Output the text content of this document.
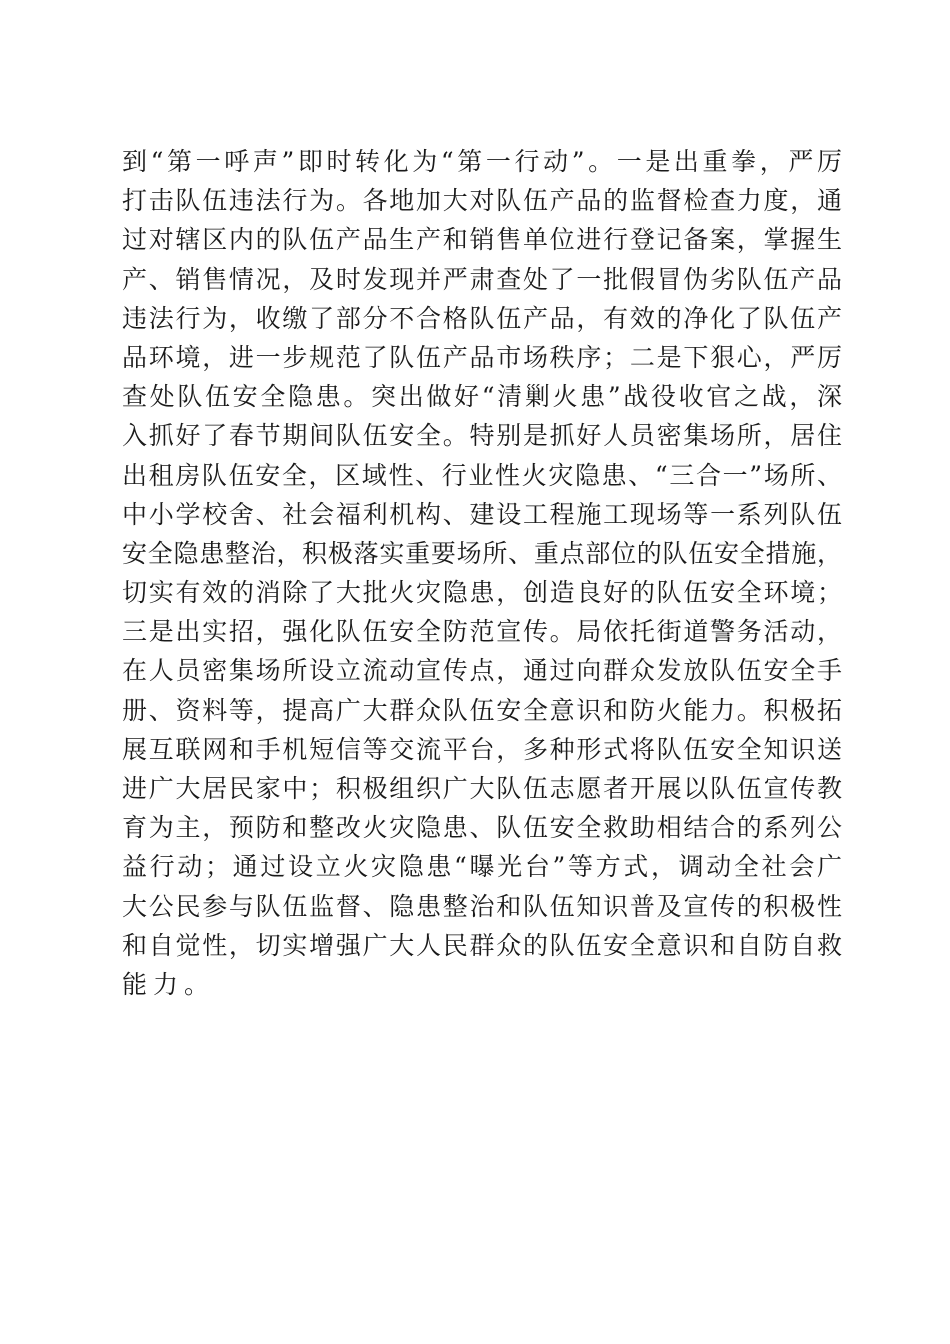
到“第一呼声”即时转化为“第一行动”。一是出重拳，严厉
打击队伍违法行为。各地加大对队伍产品的监督检查力度，通
过对辖区内的队伍产品生产和销售单位进行登记备案，掌握生
产、销售情况，及时发现并严肃查处了一批假冒伪劣队伍产品
违法行为，收缴了部分不合格队伍产品，有效的净化了队伍产
品环境，进一步规范了队伍产品市场秩序；二是下狠心，严厉
查处队伍安全隐患。突出做好“清剿火患”战役收官之战，深
入抓好了春节期间队伍安全。特别是抓好人员密集场所，居住
出租房队伍安全，区域性、行业性火灾隐患、“三合一”场所、
中小学校舍、社会福利机构、建设工程施工现场等一系列队伍
安全隐患整治，积极落实重要场所、重点部位的队伍安全措施，
切实有效的消除了大批火灾隐患，创造良好的队伍安全环境；
三是出实招，强化队伍安全防范宣传。局依托街道警务活动，
在人员密集场所设立流动宣传点，通过向群众发放队伍安全手
册、资料等，提高广大群众队伍安全意识和防火能力。积极拓
展互联网和手机短信等交流平台，多种形式将队伍安全知识送
进广大居民家中；积极组织广大队伍志愿者开展以队伍宣传教
育为主，预防和整改火灾隐患、队伍安全救助相结合的系列公
益行动；通过设立火灾隐患“曝光台”等方式，调动全社会广
大公民参与队伍监督、隐患整治和队伍知识普及宣传的积极性
和自觉性，切实增强广大人民群众的队伍安全意识和自防自救
能力。
